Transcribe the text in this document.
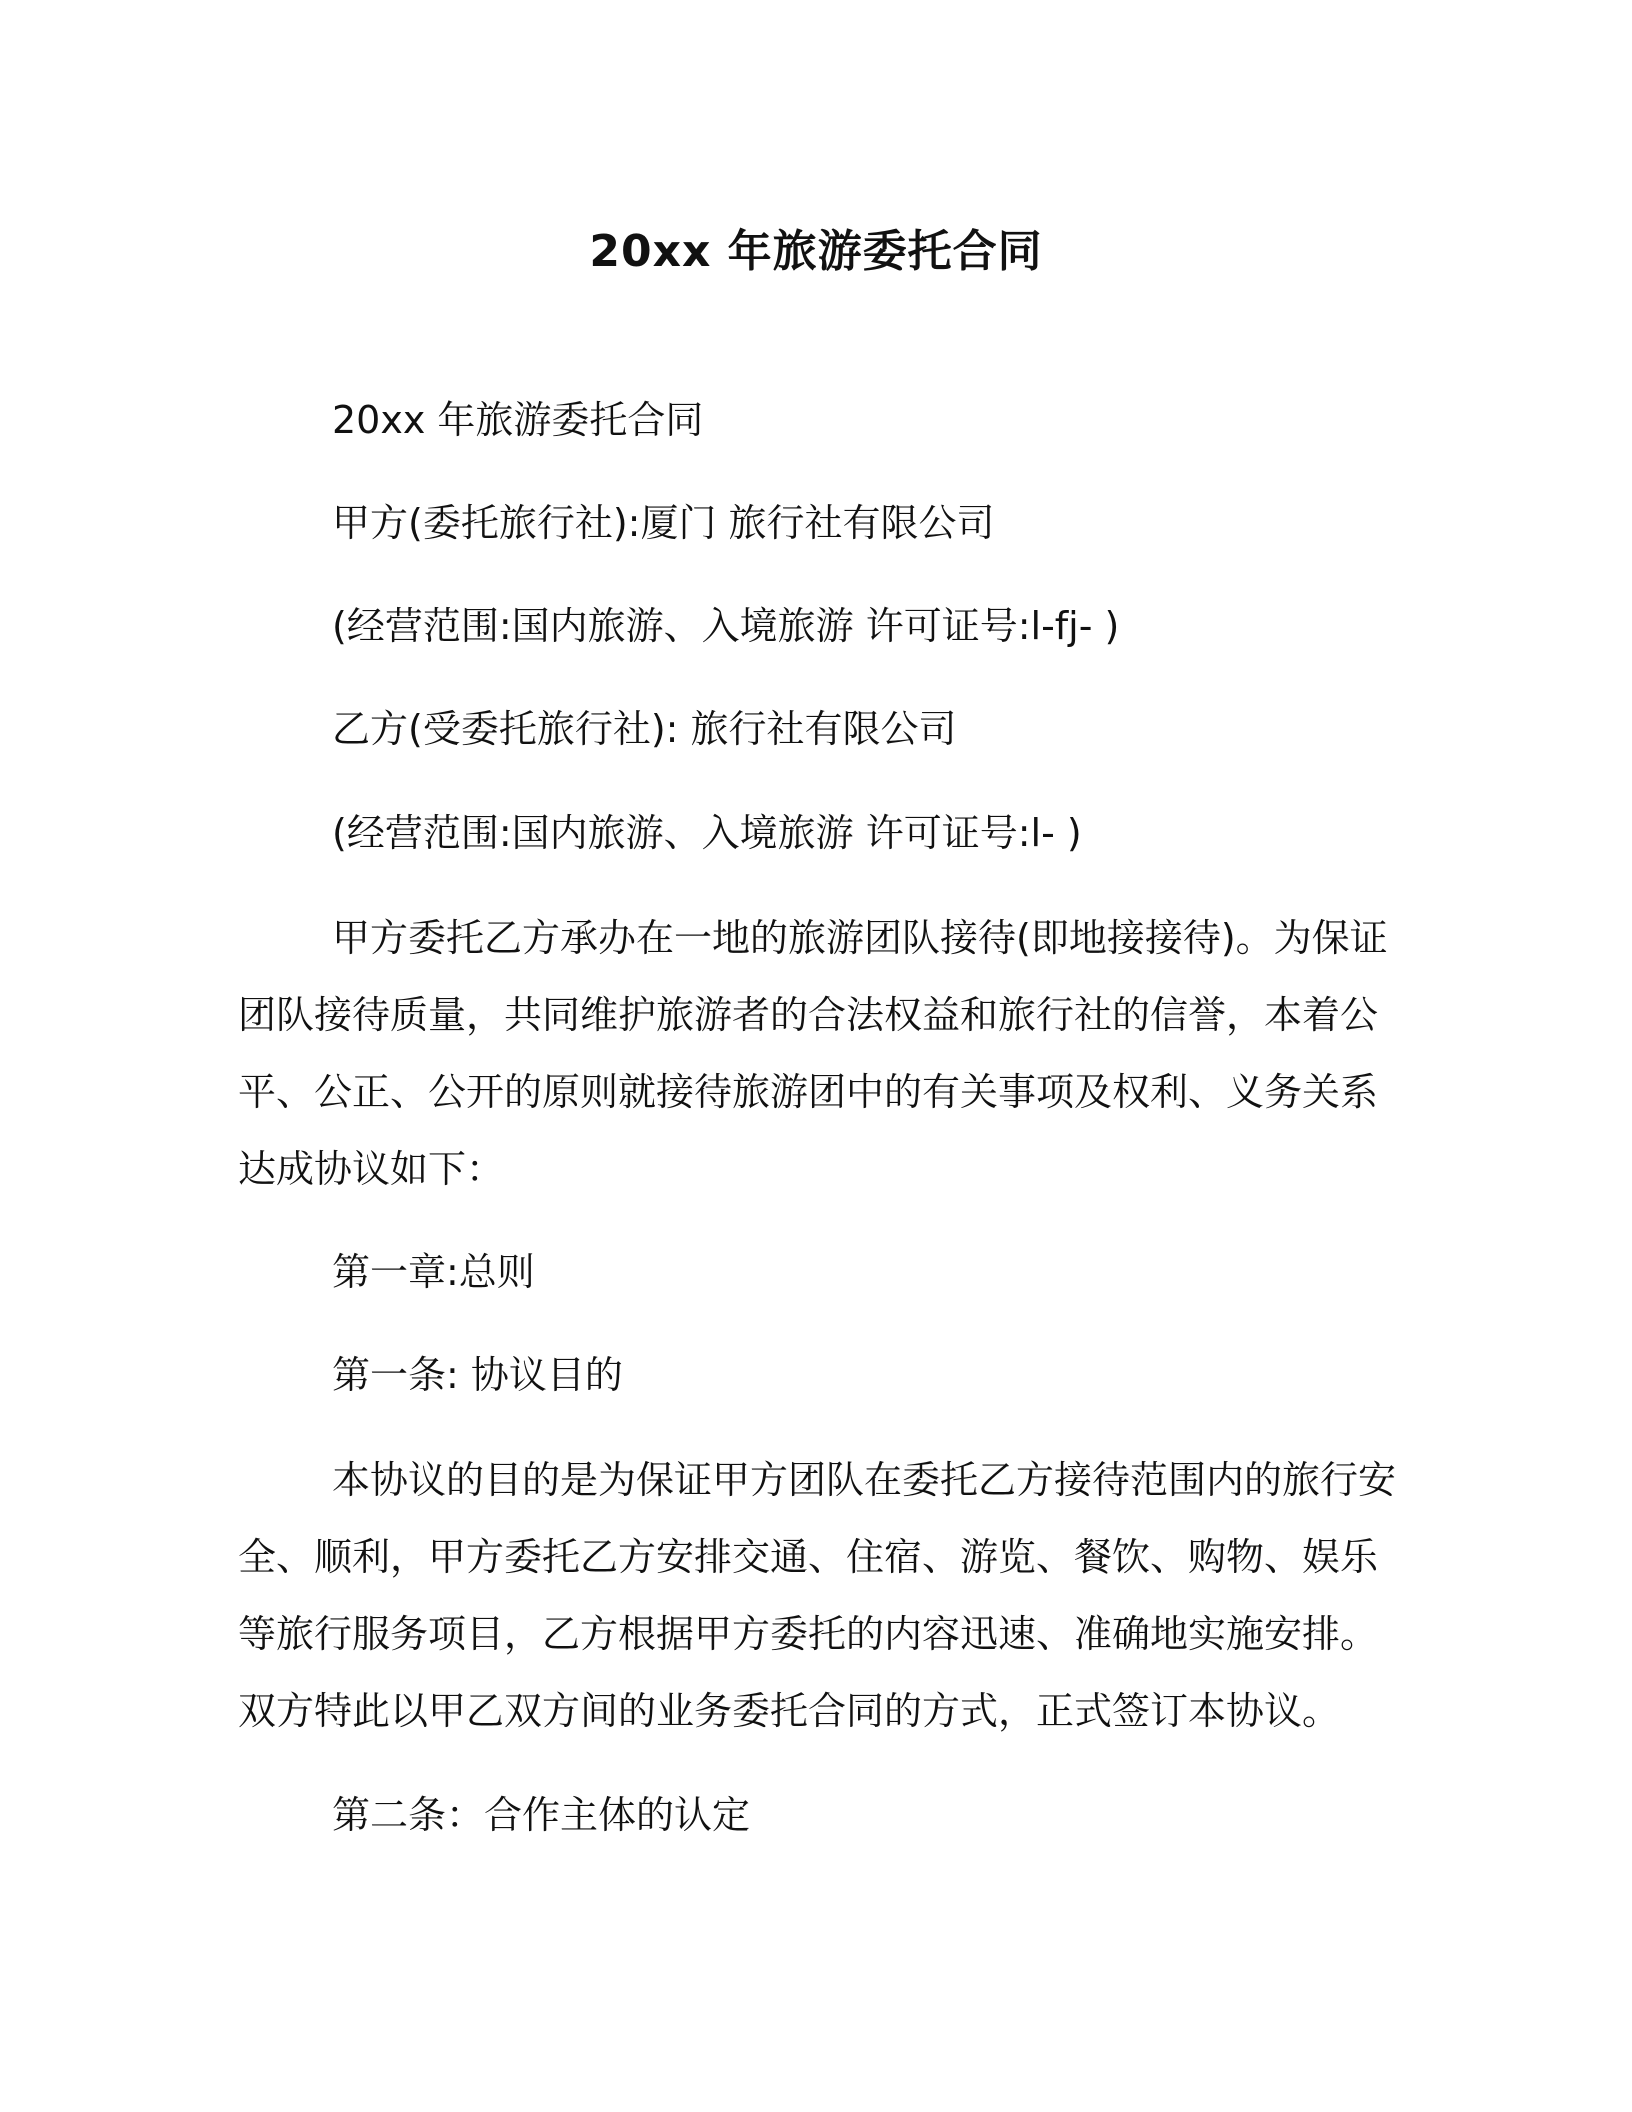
20xx 年旅游委托合同
20xx 年旅游委托合同
甲方(委托旅行社):厦门 旅行社有限公司
(经营范围:国内旅游、入境旅游 许可证号:l-fj- )
乙方(受委托旅行社): 旅行社有限公司
(经营范围:国内旅游、入境旅游 许可证号:l- )
甲方委托乙方承办在一地的旅游团队接待(即地接接待)。为保证团队接待质量，共同维护旅游者的合法权益和旅行社的信誉，本着公平、公正、公开的原则就接待旅游团中的有关事项及权利、义务关系达成协议如下：
第一章:总则
第一条: 协议目的
本协议的目的是为保证甲方团队在委托乙方接待范围内的旅行安全、顺利，甲方委托乙方安排交通、住宿、游览、餐饮、购物、娱乐等旅行服务项目，乙方根据甲方委托的内容迅速、准确地实施安排。双方特此以甲乙双方间的业务委托合同的方式，正式签订本协议。
第二条：合作主体的认定
